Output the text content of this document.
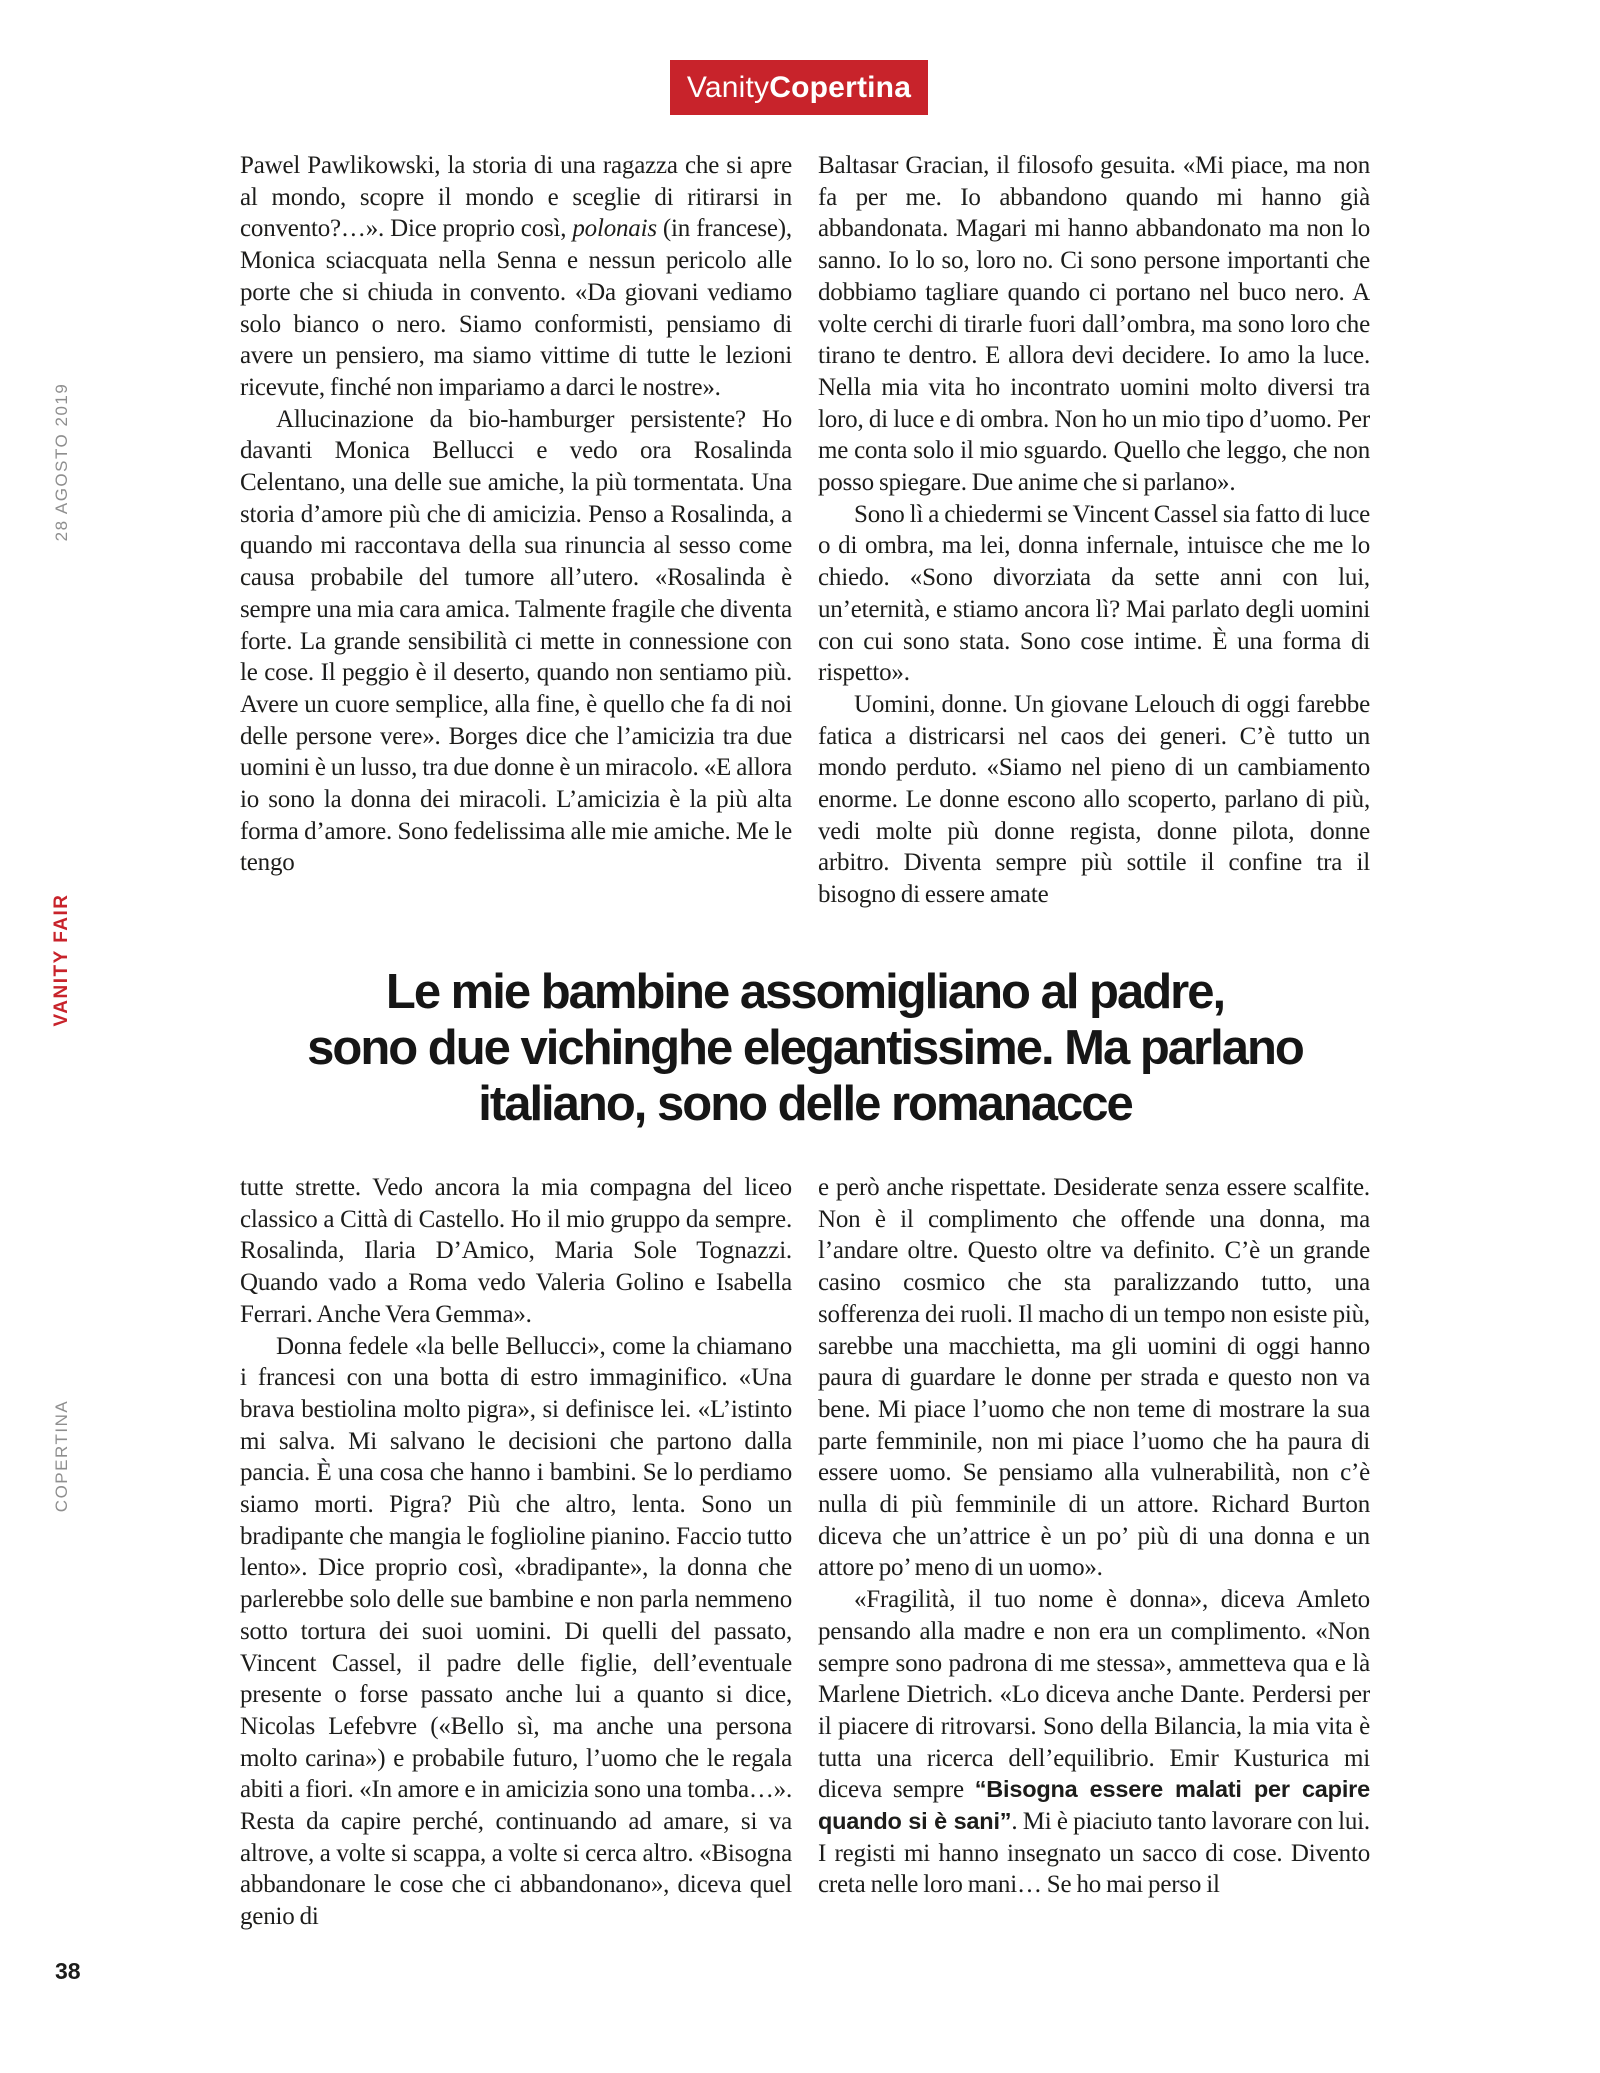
Vanity Copertina
28 AGOSTO 2019
VANITY FAIR
COPERTINA

Pawel Pawlikowski, la storia di una ragazza che si apre al mondo, scopre il mondo e sceglie di ritirarsi in convento?…». Dice proprio così, polonais (in francese), Monica sciacquata nella Senna e nessun pericolo alle porte che si chiuda in convento. «Da giovani vediamo solo bianco o nero. Siamo conformisti, pensiamo di avere un pensiero, ma siamo vittime di tutte le lezioni ricevute, finché non impariamo a darci le nostre».

Allucinazione da bio-hamburger persistente? Ho davanti Monica Bellucci e vedo ora Rosalinda Celentano, una delle sue amiche, la più tormentata. Una storia d’amore più che di amicizia. Penso a Rosalinda, a quando mi raccontava della sua rinuncia al sesso come causa probabile del tumore all’utero. «Rosalinda è sempre una mia cara amica. Talmente fragile che diventa forte. La grande sensibilità ci mette in connessione con le cose. Il peggio è il deserto, quando non sentiamo più. Avere un cuore semplice, alla fine, è quello che fa di noi delle persone vere». Borges dice che l’amicizia tra due uomini è un lusso, tra due donne è un miracolo. «E allora io sono la donna dei miracoli. L’amicizia è la più alta forma d’amore. Sono fedelissima alle mie amiche. Me le tengo

Baltasar Gracian, il filosofo gesuita. «Mi piace, ma non fa per me. Io abbandono quando mi hanno già abbandonata. Magari mi hanno abbandonato ma non lo sanno. Io lo so, loro no. Ci sono persone importanti che dobbiamo tagliare quando ci portano nel buco nero. A volte cerchi di tirarle fuori dall’ombra, ma sono loro che tirano te dentro. E allora devi decidere. Io amo la luce. Nella mia vita ho incontrato uomini molto diversi tra loro, di luce e di ombra. Non ho un mio tipo d’uomo. Per me conta solo il mio sguardo. Quello che leggo, che non posso spiegare. Due anime che si parlano».

Sono lì a chiedermi se Vincent Cassel sia fatto di luce o di ombra, ma lei, donna infernale, intuisce che me lo chiedo. «Sono divorziata da sette anni con lui, un’eternità, e stiamo ancora lì? Mai parlato degli uomini con cui sono stata. Sono cose intime. È una forma di rispetto».

Uomini, donne. Un giovane Lelouch di oggi farebbe fatica a districarsi nel caos dei generi. C’è tutto un mondo perduto. «Siamo nel pieno di un cambiamento enorme. Le donne escono allo scoperto, parlano di più, vedi molte più donne regista, donne pilota, donne arbitro. Diventa sempre più sottile il confine tra il bisogno di essere amate

Le mie bambine assomigliano al padre,
sono due vichinghe elegantissime. Ma parlano
italiano, sono delle romanacce

tutte strette. Vedo ancora la mia compagna del liceo classico a Città di Castello. Ho il mio gruppo da sempre. Rosalinda, Ilaria D’Amico, Maria Sole Tognazzi. Quando vado a Roma vedo Valeria Golino e Isabella Ferrari. Anche Vera Gemma».

Donna fedele «la belle Bellucci», come la chiamano i francesi con una botta di estro immaginifico. «Una brava bestiolina molto pigra», si definisce lei. «L’istinto mi salva. Mi salvano le decisioni che partono dalla pancia. È una cosa che hanno i bambini. Se lo perdiamo siamo morti. Pigra? Più che altro, lenta. Sono un bradipante che mangia le foglioline pianino. Faccio tutto lento». Dice proprio così, «bradipante», la donna che parlerebbe solo delle sue bambine e non parla nemmeno sotto tortura dei suoi uomini. Di quelli del passato, Vincent Cassel, il padre delle figlie, dell’eventuale presente o forse passato anche lui a quanto si dice, Nicolas Lefebvre («Bello sì, ma anche una persona molto carina») e probabile futuro, l’uomo che le regala abiti a fiori. «In amore e in amicizia sono una tomba…». Resta da capire perché, continuando ad amare, si va altrove, a volte si scappa, a volte si cerca altro. «Bisogna abbandonare le cose che ci abbandonano», diceva quel genio di

e però anche rispettate. Desiderate senza essere scalfite. Non è il complimento che offende una donna, ma l’andare oltre. Questo oltre va definito. C’è un grande casino cosmico che sta paralizzando tutto, una sofferenza dei ruoli. Il macho di un tempo non esiste più, sarebbe una macchietta, ma gli uomini di oggi hanno paura di guardare le donne per strada e questo non va bene. Mi piace l’uomo che non teme di mostrare la sua parte femminile, non mi piace l’uomo che ha paura di essere uomo. Se pensiamo alla vulnerabilità, non c’è nulla di più femminile di un attore. Richard Burton diceva che un’attrice è un po’ più di una donna e un attore po’ meno di un uomo».

«Fragilità, il tuo nome è donna», diceva Amleto pensando alla madre e non era un complimento. «Non sempre sono padrona di me stessa», ammetteva qua e là Marlene Dietrich. «Lo diceva anche Dante. Perdersi per il piacere di ritrovarsi. Sono della Bilancia, la mia vita è tutta una ricerca dell’equilibrio. Emir Kusturica mi diceva sempre “Bisogna essere malati per capire quando si è sani”. Mi è piaciuto tanto lavorare con lui. I registi mi hanno insegnato un sacco di cose. Divento creta nelle loro mani… Se ho mai perso il

38
